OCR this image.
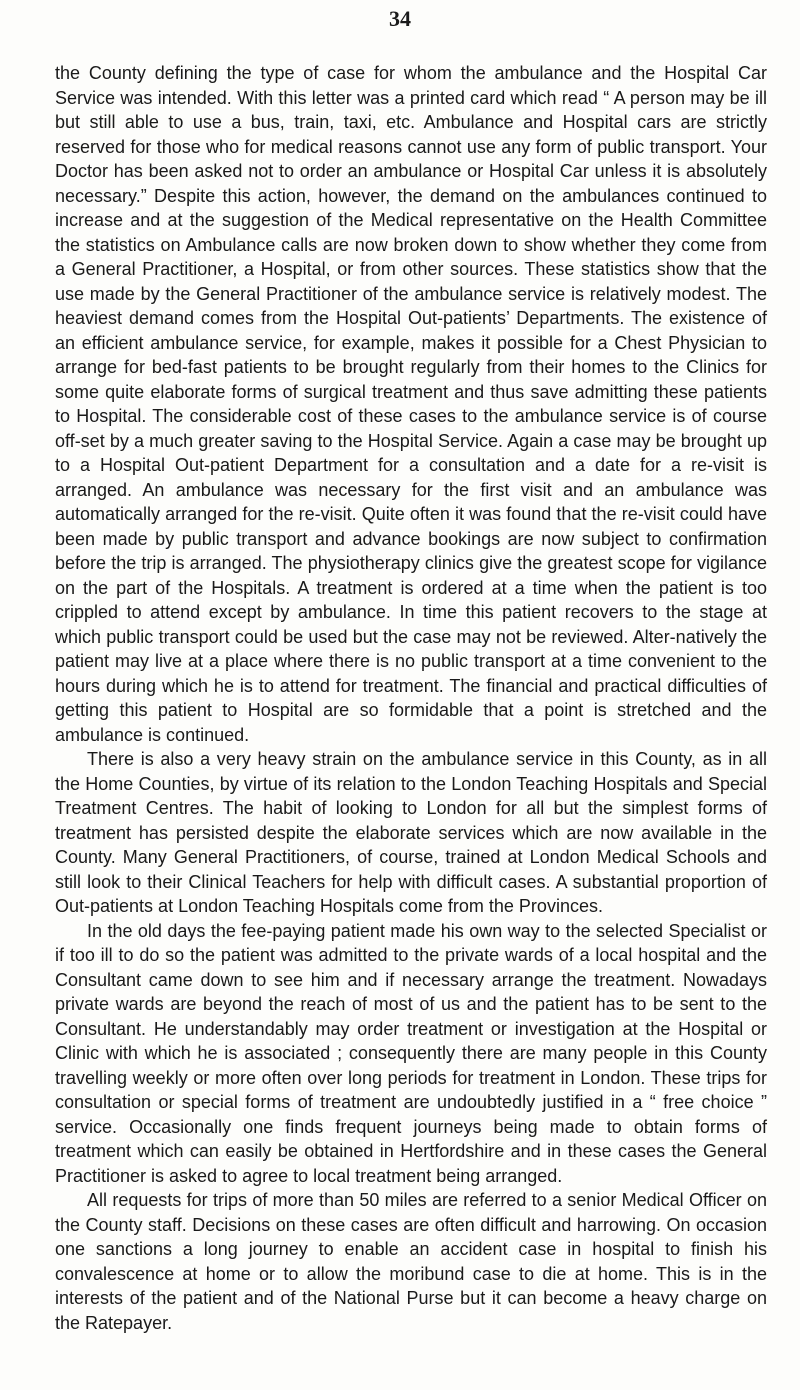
34

the County defining the type of case for whom the ambulance and the Hospital Car Service was intended. With this letter was a printed card which read “ A person may be ill but still able to use a bus, train, taxi, etc. Ambulance and Hospital cars are strictly reserved for those who for medical reasons cannot use any form of public transport. Your Doctor has been asked not to order an ambulance or Hospital Car unless it is absolutely necessary.” Despite this action, however, the demand on the ambulances continued to increase and at the suggestion of the Medical representative on the Health Committee the statistics on Ambulance calls are now broken down to show whether they come from a General Practitioner, a Hospital, or from other sources. These statistics show that the use made by the General Practitioner of the ambulance service is relatively modest. The heaviest demand comes from the Hospital Out-patients’ Departments. The existence of an efficient ambulance service, for example, makes it possible for a Chest Physician to arrange for bed-fast patients to be brought regularly from their homes to the Clinics for some quite elaborate forms of surgical treatment and thus save admitting these patients to Hospital. The considerable cost of these cases to the ambulance service is of course off-set by a much greater saving to the Hospital Service. Again a case may be brought up to a Hospital Out-patient Department for a consultation and a date for a re-visit is arranged. An ambulance was necessary for the first visit and an ambulance was automatically arranged for the re-visit. Quite often it was found that the re-visit could have been made by public transport and advance bookings are now subject to confirmation before the trip is arranged. The physiotherapy clinics give the greatest scope for vigilance on the part of the Hospitals. A treatment is ordered at a time when the patient is too crippled to attend except by ambulance. In time this patient recovers to the stage at which public transport could be used but the case may not be reviewed. Alter-natively the patient may live at a place where there is no public transport at a time convenient to the hours during which he is to attend for treatment. The financial and practical difficulties of getting this patient to Hospital are so formidable that a point is stretched and the ambulance is continued.

There is also a very heavy strain on the ambulance service in this County, as in all the Home Counties, by virtue of its relation to the London Teaching Hospitals and Special Treatment Centres. The habit of looking to London for all but the simplest forms of treatment has persisted despite the elaborate services which are now available in the County. Many General Practitioners, of course, trained at London Medical Schools and still look to their Clinical Teachers for help with difficult cases. A substantial proportion of Out-patients at London Teaching Hospitals come from the Provinces.

In the old days the fee-paying patient made his own way to the selected Specialist or if too ill to do so the patient was admitted to the private wards of a local hospital and the Consultant came down to see him and if necessary arrange the treatment. Nowadays private wards are beyond the reach of most of us and the patient has to be sent to the Consultant. He understandably may order treatment or investigation at the Hospital or Clinic with which he is associated ; consequently there are many people in this County travelling weekly or more often over long periods for treatment in London. These trips for consultation or special forms of treatment are undoubtedly justified in a “ free choice ” service. Occasionally one finds frequent journeys being made to obtain forms of treatment which can easily be obtained in Hertfordshire and in these cases the General Practitioner is asked to agree to local treatment being arranged.

All requests for trips of more than 50 miles are referred to a senior Medical Officer on the County staff. Decisions on these cases are often difficult and harrowing. On occasion one sanctions a long journey to enable an accident case in hospital to finish his convalescence at home or to allow the moribund case to die at home. This is in the interests of the patient and of the National Purse but it can become a heavy charge on the Ratepayer.
